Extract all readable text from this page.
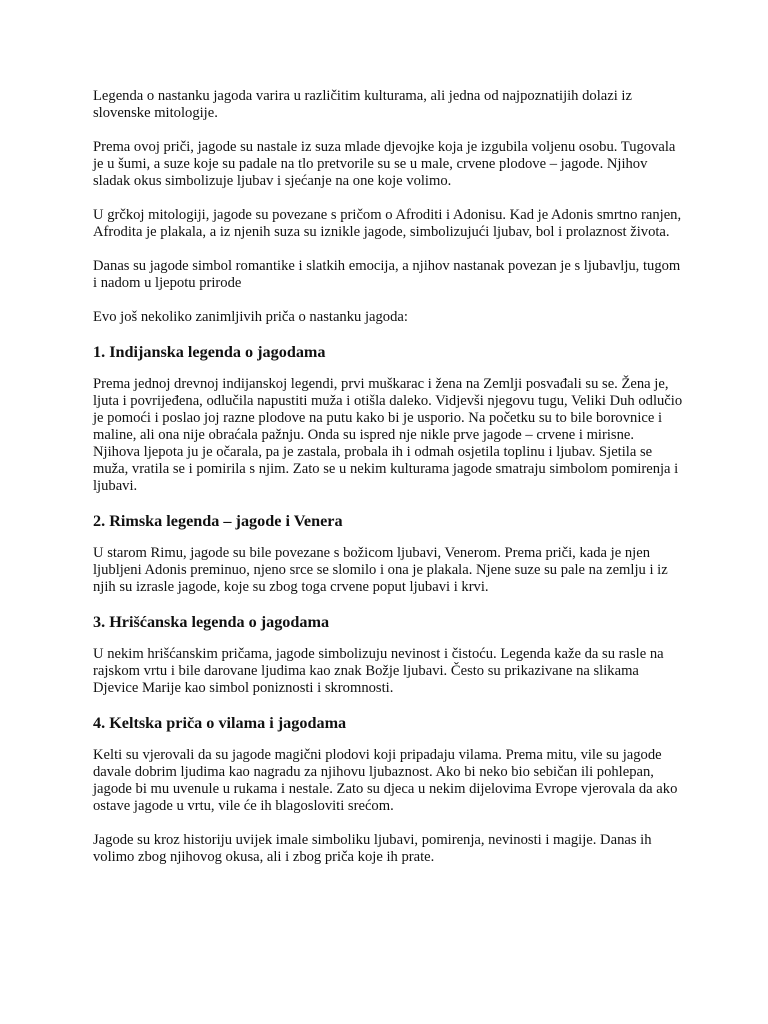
Legenda o nastanku jagoda varira u različitim kulturama, ali jedna od najpoznatijih dolazi iz slovenske mitologije.

Prema ovoj priči, jagode su nastale iz suza mlade djevojke koja je izgubila voljenu osobu. Tugovala je u šumi, a suze koje su padale na tlo pretvorile su se u male, crvene plodove – jagode. Njihov sladak okus simbolizuje ljubav i sjećanje na one koje volimo.

U grčkoj mitologiji, jagode su povezane s pričom o Afroditi i Adonisu. Kad je Adonis smrtno ranjen, Afrodita je plakala, a iz njenih suza su iznikle jagode, simbolizujući ljubav, bol i prolaznost života.

Danas su jagode simbol romantike i slatkih emocija, a njihov nastanak povezan je s ljubavlju, tugom i nadom u ljepotu prirode

Evo još nekoliko zanimljivih priča o nastanku jagoda:

1. Indijanska legenda o jagodama

Prema jednoj drevnoj indijanskoj legendi, prvi muškarac i žena na Zemlji posvađali su se. Žena je, ljuta i povrijeđena, odlučila napustiti muža i otišla daleko. Vidjevši njegovu tugu, Veliki Duh odlučio je pomoći i poslao joj razne plodove na putu kako bi je usporio. Na početku su to bile borovnice i maline, ali ona nije obraćala pažnju. Onda su ispred nje nikle prve jagode – crvene i mirisne. Njihova ljepota ju je očarala, pa je zastala, probala ih i odmah osjetila toplinu i ljubav. Sjetila se muža, vratila se i pomirila s njim. Zato se u nekim kulturama jagode smatraju simbolom pomirenja i ljubavi.

2. Rimska legenda – jagode i Venera

U starom Rimu, jagode su bile povezane s božicom ljubavi, Venerom. Prema priči, kada je njen ljubljeni Adonis preminuo, njeno srce se slomilo i ona je plakala. Njene suze su pale na zemlju i iz njih su izrasle jagode, koje su zbog toga crvene poput ljubavi i krvi.

3. Hrišćanska legenda o jagodama

U nekim hrišćanskim pričama, jagode simbolizuju nevinost i čistoću. Legenda kaže da su rasle na rajskom vrtu i bile darovane ljudima kao znak Božje ljubavi. Često su prikazivane na slikama Djevice Marije kao simbol poniznosti i skromnosti.

4. Keltska priča o vilama i jagodama

Kelti su vjerovali da su jagode magični plodovi koji pripadaju vilama. Prema mitu, vile su jagode davale dobrim ljudima kao nagradu za njihovu ljubaznost. Ako bi neko bio sebičan ili pohlepan, jagode bi mu uvenule u rukama i nestale. Zato su djeca u nekim dijelovima Evrope vjerovala da ako ostave jagode u vrtu, vile će ih blagosloviti srećom.

Jagode su kroz historiju uvijek imale simboliku ljubavi, pomirenja, nevinosti i magije. Danas ih volimo zbog njihovog okusa, ali i zbog priča koje ih prate.
